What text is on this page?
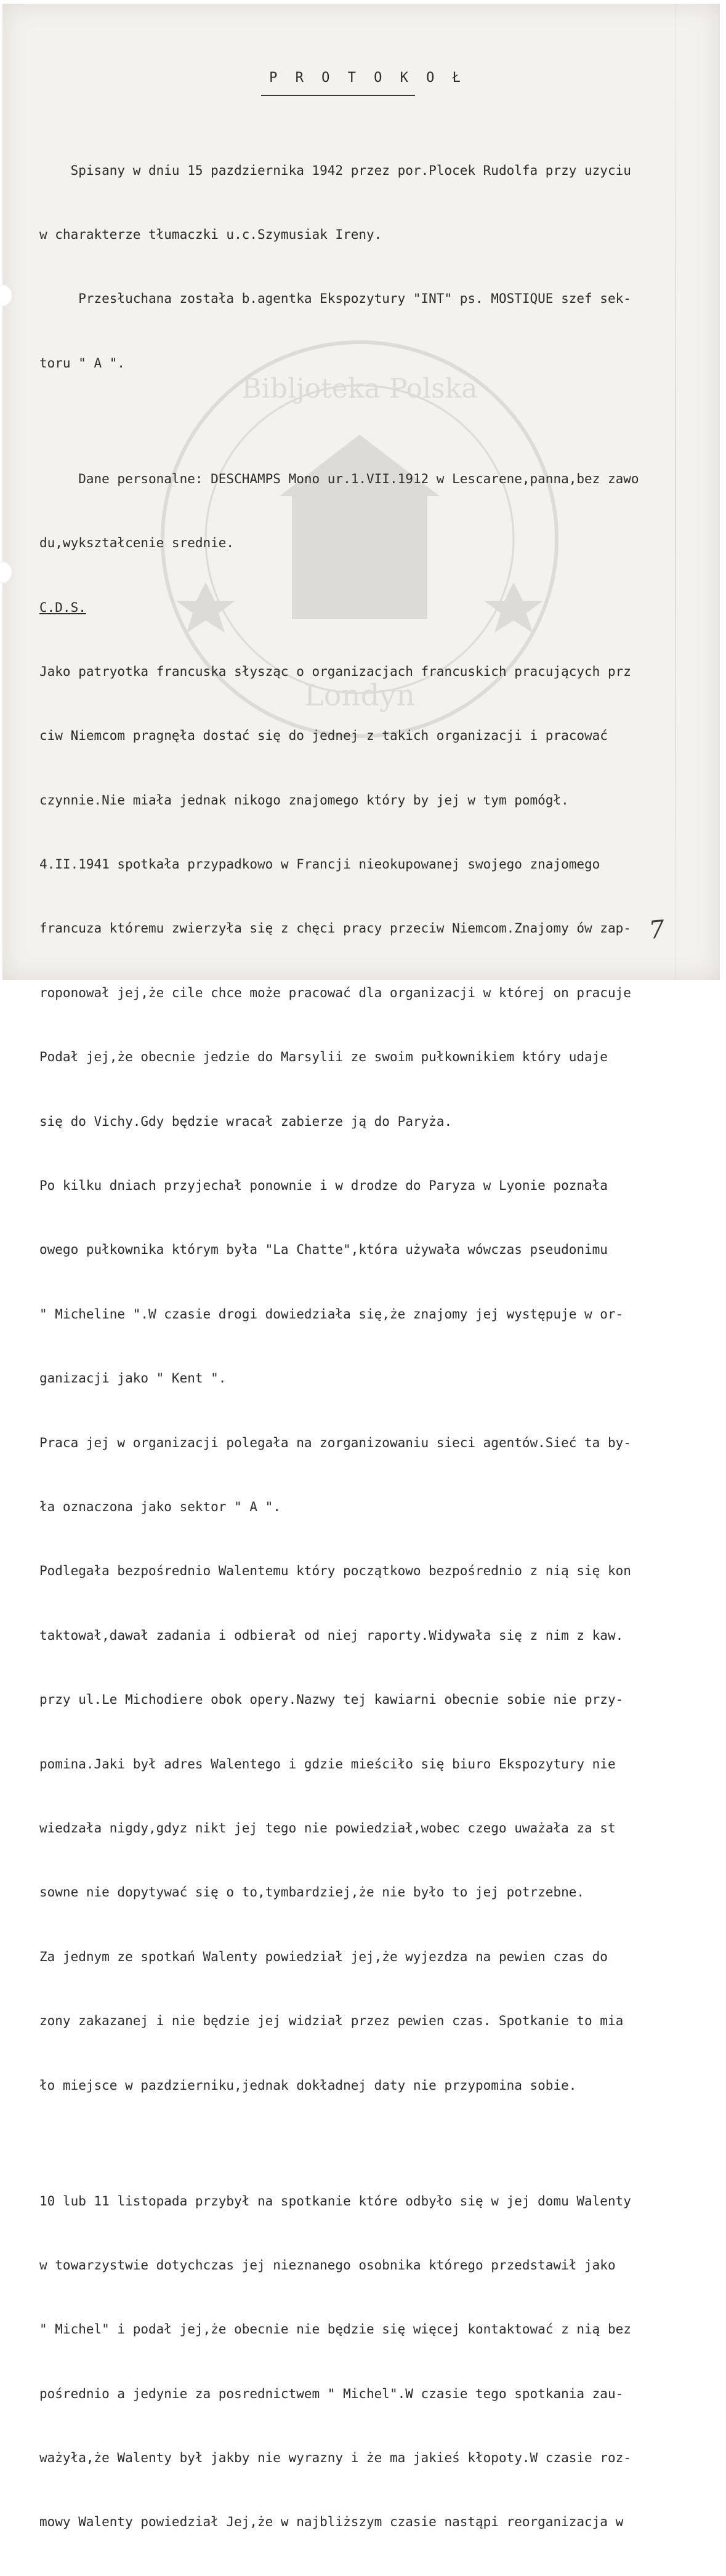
Bibljoteka Polska
Londyn
P R O T O K O Ł

Spisany w dniu 15 pazdziernika 1942 przez por.Plocek Rudolfa przy uzyciu

w charakterze tłumaczki u.c.Szymusiak Ireny.

Przesłuchana została b.agentka Ekspozytury "INT" ps. MOSTIQUE szef sek-

toru " A ".

Dane personalne: DESCHAMPS Mono ur.1.VII.1912 w Lescarene,panna,bez zawo

du,wykształcenie srednie.

C.D.S.

Jako patryotka francuska słysząc o organizacjach francuskich pracujących prz

ciw Niemcom pragnęła dostać się do jednej z takich organizacji i pracować

czynnie.Nie miała jednak nikogo znajomego który by jej w tym pomógł.

4.II.1941 spotkała przypadkowo w Francji nieokupowanej swojego znajomego

francuza któremu zwierzyła się z chęci pracy przeciw Niemcom.Znajomy ów zap-

roponował jej,że cile chce może pracować dla organizacji w której on pracuje

Podał jej,że obecnie jedzie do Marsylii ze swoim pułkownikiem który udaje

się do Vichy.Gdy będzie wracał zabierze ją do Paryża.

Po kilku dniach przyjechał ponownie i w drodze do Paryza w Lyonie poznała

owego pułkownika którym była "La Chatte",która używała wówczas pseudonimu

" Micheline ".W czasie drogi dowiedziała się,że znajomy jej występuje w or-

ganizacji jako " Kent ".

Praca jej w organizacji polegała na zorganizowaniu sieci agentów.Sieć ta by-

ła oznaczona jako sektor " A ".

Podlegała bezpośrednio Walentemu który początkowo bezpośrednio z nią się kon

taktował,dawał zadania i odbierał od niej raporty.Widywała się z nim z kaw.

przy ul.Le Michodiere obok opery.Nazwy tej kawiarni obecnie sobie nie przy-

pomina.Jaki był adres Walentego i gdzie mieściło się biuro Ekspozytury nie

wiedzała nigdy,gdyz nikt jej tego nie powiedział,wobec czego uważała za st

sowne nie dopytywać się o to,tymbardziej,że nie było to jej potrzebne.

Za jednym ze spotkań Walenty powiedział jej,że wyjezdza na pewien czas do

zony zakazanej i nie będzie jej widział przez pewien czas. Spotkanie to mia

ło miejsce w pazdzierniku,jednak dokładnej daty nie przypomina sobie.

10 lub 11 listopada przybył na spotkanie które odbyło się w jej domu Walenty

w towarzystwie dotychczas jej nieznanego osobnika którego przedstawił jako

" Michel" i podał jej,że obecnie nie będzie się więcej kontaktować z nią bez

pośrednio a jedynie za posrednictwem " Michel".W czasie tego spotkania zau-

ważyła,że Walenty był jakby nie wyrazny i że ma jakieś kłopoty.W czasie roz-

mowy Walenty powiedział Jej,że w najbliższym czasie nastąpi reorganizacja w

7
